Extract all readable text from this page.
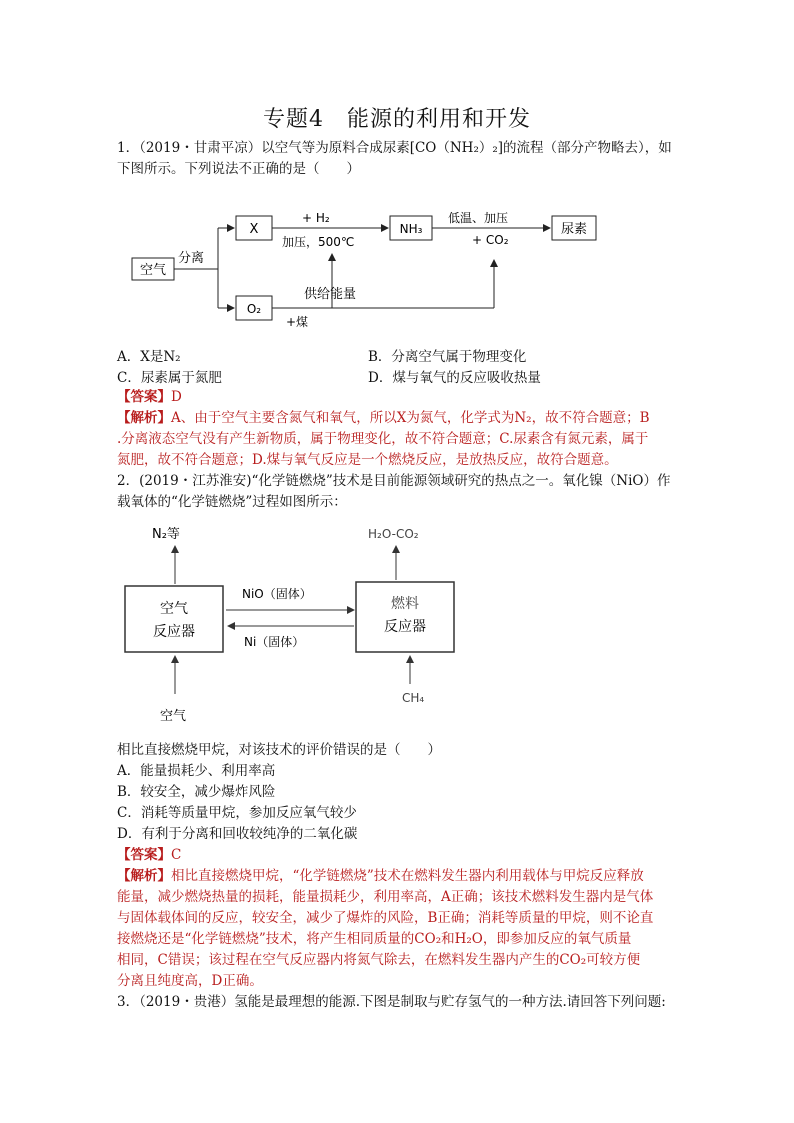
专题4　能源的利用和开发
1．（2019・甘肃平凉）以空气等为原料合成尿素[CO（NH₂）₂]的流程（部分产物略去），如
下图所示。下列说法不正确的是（　　）
空气
X	NH₃	尿素
O₂
分离
+ H₂
加压，500℃
低温、加压
+ CO₂
供给能量
+煤
A．X是N₂	B．分离空气属于物理变化
C．尿素属于氮肥	D．煤与氧气的反应吸收热量
【答案】D
【解析】A、由于空气主要含氮气和氧气，所以X为氮气，化学式为N₂，故不符合题意；B
.分离液态空气没有产生新物质，属于物理变化，故不符合题意；C.尿素含有氮元素，属于
氮肥，故不符合题意；D.煤与氧气反应是一个燃烧反应，是放热反应，故符合题意。
2．(2019・江苏淮安)“化学链燃烧”技术是目前能源领域研究的热点之一。氧化镍（NiO）作
载氧体的“化学链燃烧”过程如图所示：
N₂等	H₂O-CO₂
空气
反应器
燃料
反应器
NiO（固体）
Ni（固体）
空气
CH₄
相比直接燃烧甲烷，对该技术的评价错误的是（　　）
A．能量损耗少、利用率高
B．较安全，减少爆炸风险
C．消耗等质量甲烷，参加反应氧气较少
D．有利于分离和回收较纯净的二氧化碳
【答案】C
【解析】相比直接燃烧甲烷，“化学链燃烧”技术在燃料发生器内利用载体与甲烷反应释放
能量，减少燃烧热量的损耗，能量损耗少，利用率高，A正确；该技术燃料发生器内是气体
与固体载体间的反应，较安全，减少了爆炸的风险，B正确；消耗等质量的甲烷，则不论直
接燃烧还是“化学链燃烧”技术，将产生相同质量的CO₂和H₂O，即参加反应的氧气质量
相同，C错误；该过程在空气反应器内将氮气除去，在燃料发生器内产生的CO₂可较方便
分离且纯度高，D正确。
3．（2019・贵港）氢能是最理想的能源.下图是制取与贮存氢气的一种方法.请回答下列问题:
